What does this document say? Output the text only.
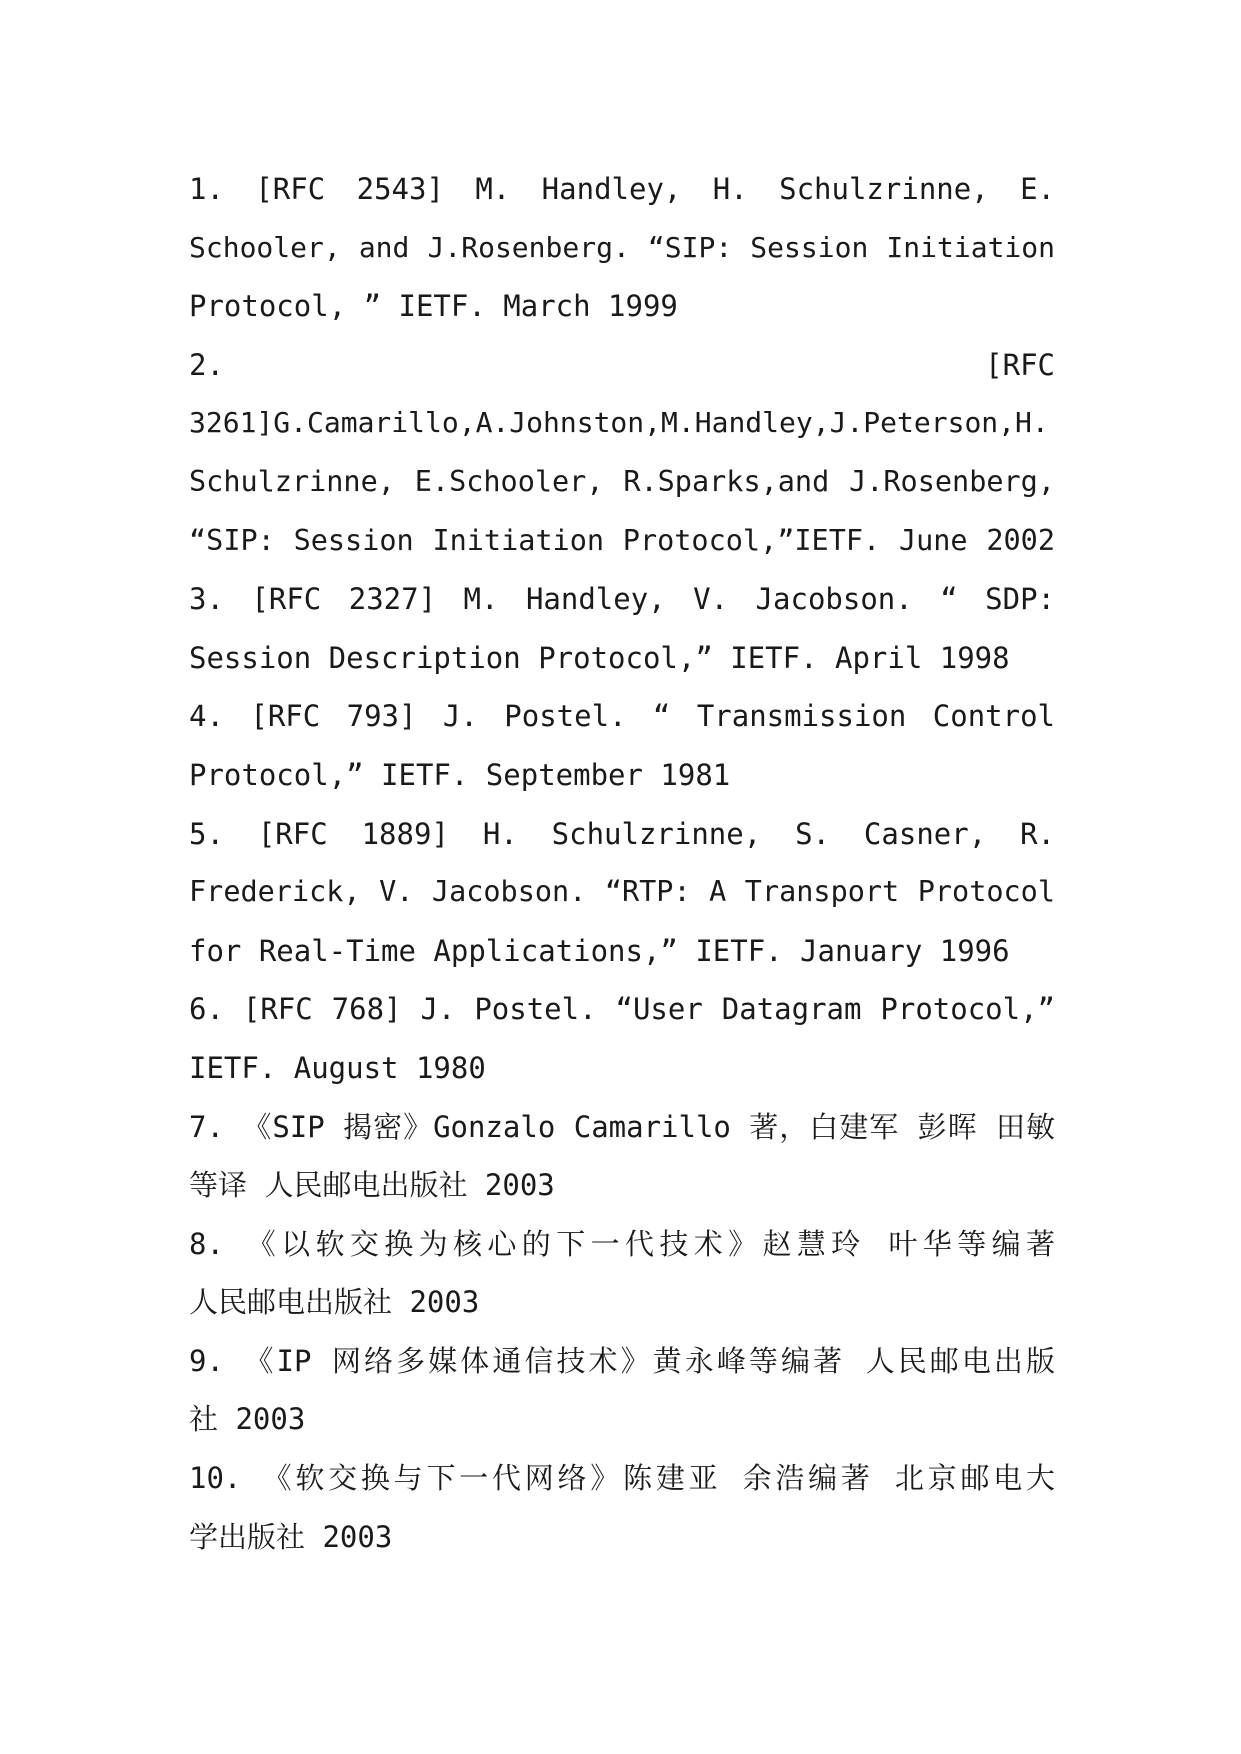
1. [RFC 2543] M. Handley, H. Schulzrinne, E.
Schooler, and J.Rosenberg. “SIP: Session Initiation
Protocol, ” IETF. March 1999
2. [RFC
3261]G.Camarillo,A.Johnston,M.Handley,J.Peterson,H.
Schulzrinne, E.Schooler, R.Sparks,and J.Rosenberg,
“SIP: Session Initiation Protocol,”IETF. June 2002
3. [RFC 2327] M. Handley, V. Jacobson. “ SDP:
Session Description Protocol,” IETF. April 1998
4. [RFC 793] J. Postel. “ Transmission Control
Protocol,” IETF. September 1981
5. [RFC 1889] H. Schulzrinne, S. Casner, R.
Frederick, V. Jacobson. “RTP: A Transport Protocol
for Real-Time Applications,” IETF. January 1996
6. [RFC 768] J. Postel. “User Datagram Protocol,”
IETF. August 1980
7. 《SIP 揭密》Gonzalo Camarillo 著，白建军 彭晖 田敏
等译 人民邮电出版社 2003
8. 《以软交换为核心的下一代技术》赵慧玲 叶华等编著
人民邮电出版社 2003
9. 《IP 网络多媒体通信技术》黄永峰等编著 人民邮电出版
社 2003
10. 《软交换与下一代网络》陈建亚 余浩编著 北京邮电大
学出版社 2003
